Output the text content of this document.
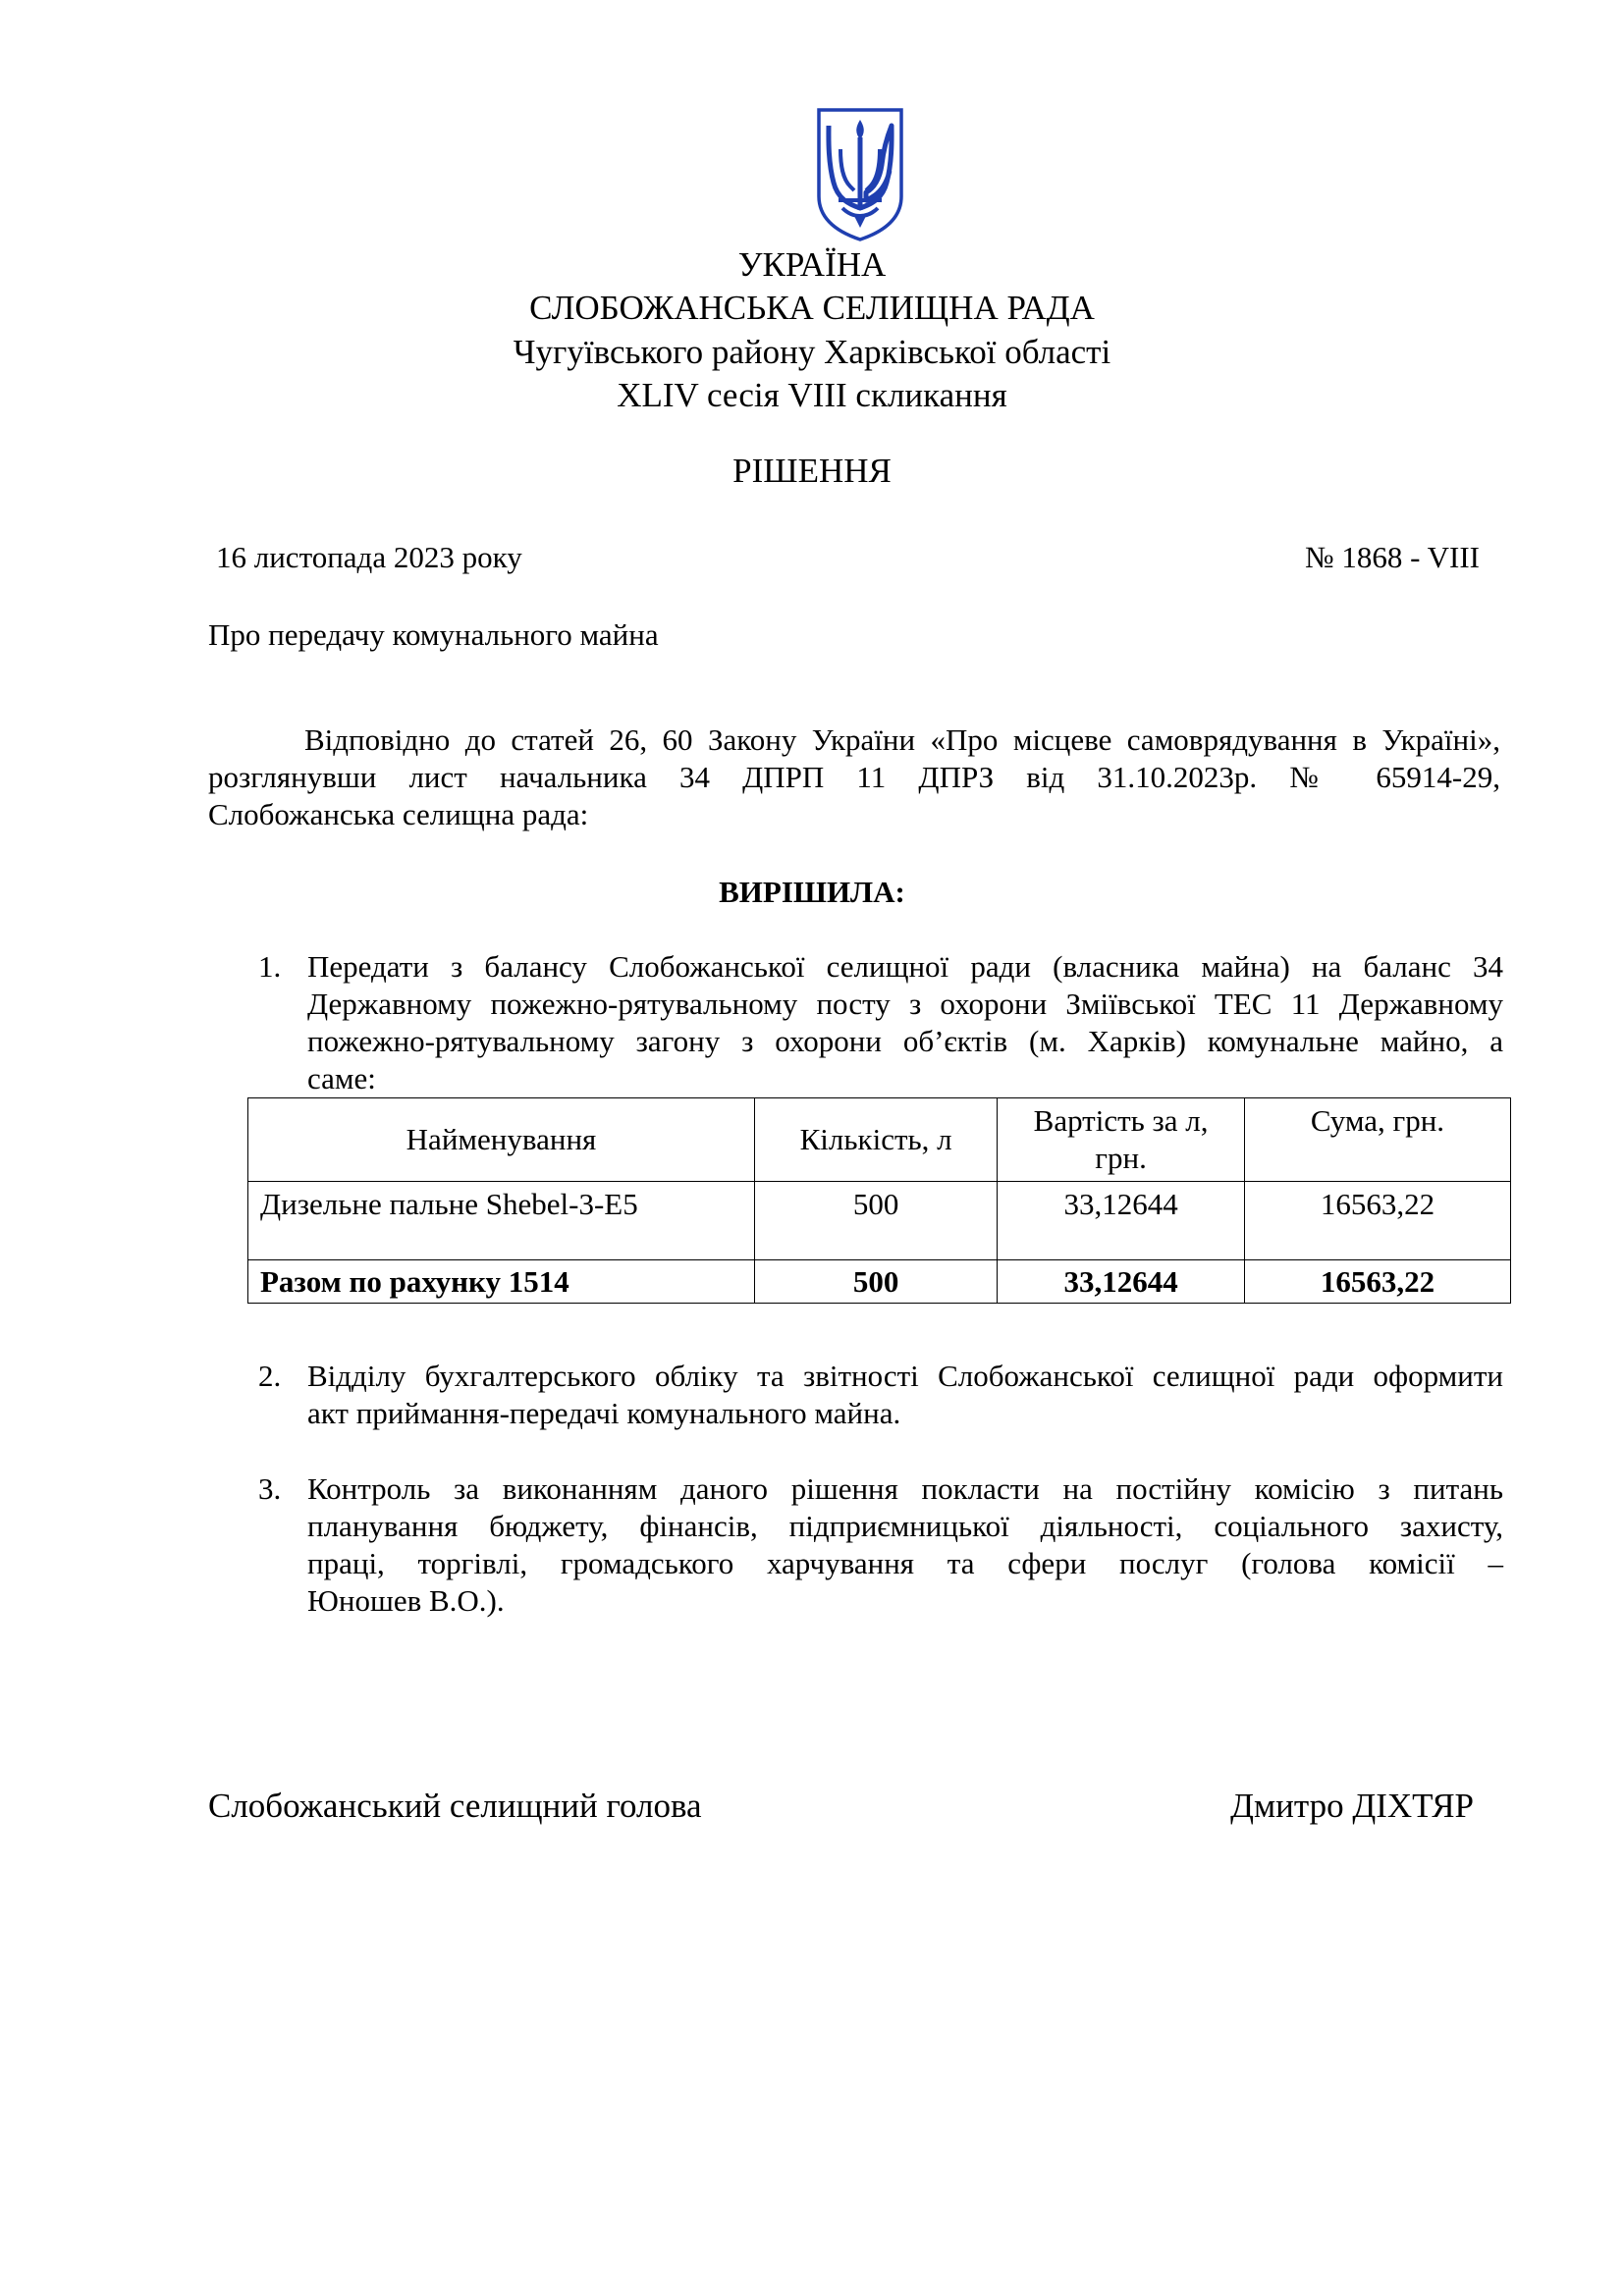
УКРАЇНА
СЛОБОЖАНСЬКА СЕЛИЩНА РАДА
Чугуївського району Харківської області
XLIV сесія VIII скликання
РІШЕННЯ
16 листопада 2023 року	№ 1868 - VIII
Про передачу комунального майна
Відповідно до статей 26, 60 Закону України «Про місцеве самоврядування в Україні»,
розглянувши лист начальника 34 ДПРП 11 ДПРЗ від 31.10.2023р. № 65914-29,
Слобожанська селищна рада:
ВИРІШИЛА:
1. Передати з балансу Слобожанської селищної ради (власника майна) на баланс 34
Державному пожежно-рятувальному посту з охорони Зміївської ТЕС 11 Державному
пожежно-рятувальному загону з охорони об’єктів (м. Харків) комунальне майно, а
саме:
Найменування	Кількість, л	Вартість за л, грн.	Сума, грн.
Дизельне пальне Shebel-3-E5	500	33,12644	16563,22
Разом по рахунку 1514	500	33,12644	16563,22
2. Відділу бухгалтерського обліку та звітності Слобожанської селищної ради оформити
акт приймання-передачі комунального майна.
3. Контроль за виконанням даного рішення покласти на постійну комісію з питань
планування бюджету, фінансів, підприємницької діяльності, соціального захисту,
праці, торгівлі, громадського харчування та сфери послуг (голова комісії –
Юношев В.О.).
Слобожанський селищний голова	Дмитро ДІХТЯР
